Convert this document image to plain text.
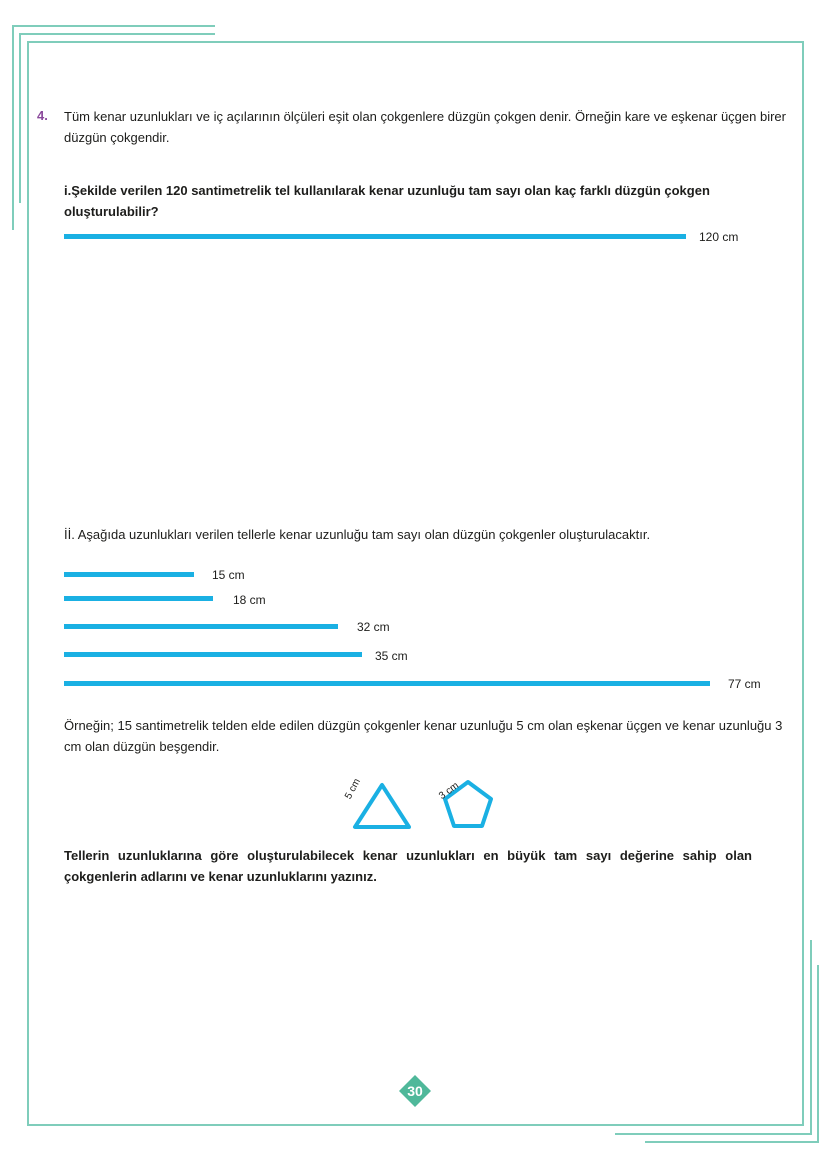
4. Tüm kenar uzunlukları ve iç açılarının ölçüleri eşit olan çokgenlere düzgün çokgen denir. Örneğin kare ve eşkenar üçgen birer düzgün çokgendir.
i.Şekilde verilen 120 santimetrelik tel kullanılarak kenar uzunluğu tam sayı olan kaç farklı düzgün çokgen oluşturulabilir?
120 cm
İİ. Aşağıda uzunlukları verilen tellerle kenar uzunluğu tam sayı olan düzgün çokgenler oluşturulacaktır.
15 cm
18 cm
32 cm
35 cm
77 cm
Örneğin; 15 santimetrelik telden elde edilen düzgün çokgenler kenar uzunluğu 5 cm olan eşkenar üçgen ve kenar uzunluğu 3 cm olan düzgün beşgendir.
5 cm	3 cm
Tellerin uzunluklarına göre oluşturulabilecek kenar uzunlukları en büyük tam sayı değerine sahip olan çokgenlerin adlarını ve kenar uzunluklarını yazınız.
30
